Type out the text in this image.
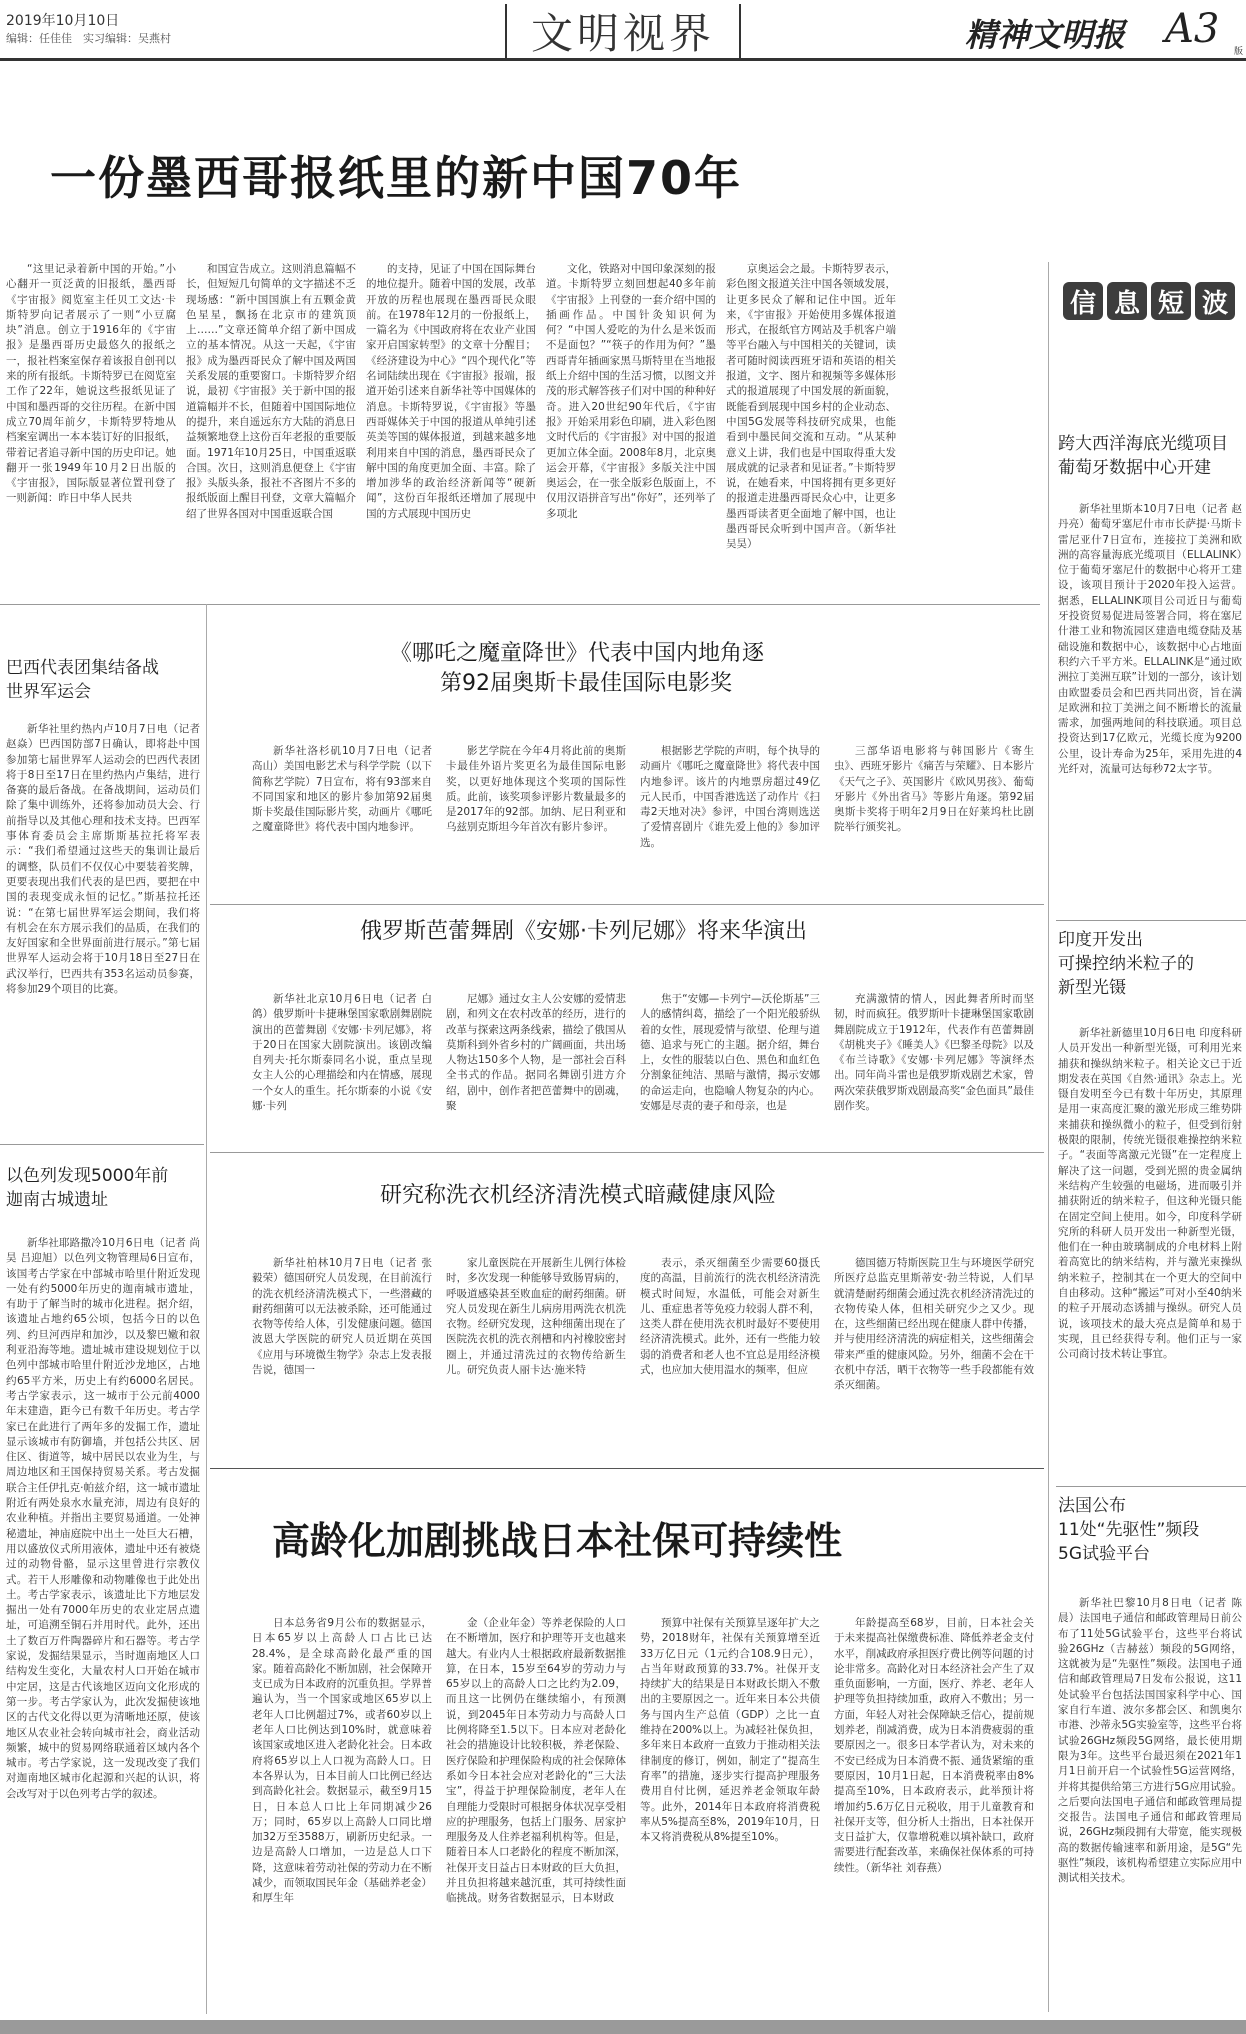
2019年10月10日
编辑：任佳佳　实习编辑：吴燕村	文明视界	精神文明报 A3 版
一份墨西哥报纸里的新中国70年

“这里记录着新中国的开始。”小心翻开一页泛黄的旧报纸，墨西哥《宇宙报》阅览室主任贝工文达·卡斯特罗向记者展示了一则“小豆腐块”消息。创立于1916年的《宇宙报》是墨西哥历史最悠久的报纸之一，报社档案室保存着该报自创刊以来的所有报纸。卡斯特罗已在阅览室工作了22年，她说这些报纸见证了中国和墨西哥的交往历程。在新中国成立70周年前夕，卡斯特罗特地从档案室调出一本本装订好的旧报纸，带着记者追寻新中国的历史印记。她翻开一张1949年10月2日出版的《宇宙报》，国际版显著位置刊登了一则新闻：昨日中华人民共

和国宣告成立。这则消息篇幅不长，但短短几句简单的文字描述不乏现场感：“新中国国旗上有五颗金黄色星星，飘扬在北京市的建筑顶上……”文章还简单介绍了新中国成立的基本情况。从这一天起，《宇宙报》成为墨西哥民众了解中国及两国关系发展的重要窗口。卡斯特罗介绍说，最初《宇宙报》关于新中国的报道篇幅并不长，但随着中国国际地位的提升，来自遥远东方大陆的消息日益频繁地登上这份百年老报的重要版面。1971年10月25日，中国重返联合国。次日，这则消息便登上《宇宙报》头版头条，报社不吝图片不多的报纸版面上醒目刊登，文章大篇幅介绍了世界各国对中国重返联合国

的支持，见证了中国在国际舞台的地位提升。随着中国的发展，改革开放的历程也展现在墨西哥民众眼前。在1978年12月的一份报纸上，一篇名为《中国政府将在农业产业国家开启国家转型》的文章十分醒目；《经济建设为中心》“四个现代化”等名词陆续出现在《宇宙报》报端，报道开始引述来自新华社等中国媒体的消息。卡斯特罗说，《宇宙报》等墨西哥媒体关于中国的报道从单纯引述英美等国的媒体报道，到越来越多地利用来自中国的消息，墨西哥民众了解中国的角度更加全面、丰富。除了增加涉华的政治经济新闻等“硬新闻”，这份百年报纸还增加了展现中国的方式展现中国历史

文化，铁路对中国印象深刻的报道。卡斯特罗立刻回想起40多年前《宇宙报》上刊登的一套介绍中国的插画作品。中国针灸知识何为何？“中国人爱吃的为什么是米饭而不是面包？”“筷子的作用为何？”墨西哥青年插画家黑马斯特里在当地报纸上介绍中国的生活习惯，以图文并茂的形式解答孩子们对中国的种种好奇。进入20世纪90年代后，《宇宙报》开始采用彩色印刷，进入彩色图文时代后的《宇宙报》对中国的报道更加立体全面。2008年8月，北京奥运会开幕，《宇宙报》多版关注中国奥运会，在一张全版彩色版面上，不仅用汉语拼音写出“你好”，还列举了多项北

京奥运会之最。卡斯特罗表示，彩色图文报道关注中国各领域发展，让更多民众了解和记住中国。近年来，《宇宙报》开始使用多媒体报道形式，在报纸官方网站及手机客户端等平台融入与中国相关的关键词，读者可随时阅读西班牙语和英语的相关报道，文字、图片和视频等多媒体形式的报道展现了中国发展的新面貌，既能看到展现中国乡村的企业动态、中国5G发展等科技研究成果，也能看到中墨民间交流和互动。“从某种意义上讲，我们也是中国取得重大发展成就的记录者和见证者。”卡斯特罗说，在她看来，中国将拥有更多更好的报道走进墨西哥民众心中，让更多墨西哥读者更全面地了解中国，也让墨西哥民众听到中国声音。（新华社 吴昊）

信 息 短 波
跨大西洋海底光缆项目
葡萄牙数据中心开建

新华社里斯本10月7日电（记者 赵丹亮）葡萄牙塞尼什市市长萨提·马斯卡雷尼亚什7日宣布，连接拉丁美洲和欧洲的高容量海底光缆项目（ELLALINK）位于葡萄牙塞尼什的数据中心将开工建设，该项目预计于2020年投入运营。据悉，ELLALINK项目公司近日与葡萄牙投资贸易促进局签署合同，将在塞尼什港工业和物流园区建造电缆登陆及基础设施和数据中心，该数据中心占地面积约六千平方米。ELLALINK是“通过欧洲拉丁美洲互联”计划的一部分，该计划由欧盟委员会和巴西共同出资，旨在满足欧洲和拉丁美洲之间不断增长的流量需求，加强两地间的科技联通。项目总投资达到17亿欧元，光缆长度为9200公里，设计寿命为25年，采用先进的4光纤对，流量可达每秒72太字节。

印度开发出
可操控纳米粒子的
新型光镊

新华社新德里10月6日电 印度科研人员开发出一种新型光镊，可利用光来捕获和操纵纳米粒子。相关论文已于近期发表在英国《自然·通讯》杂志上。光镊自发明至今已有数十年历史，其原理是用一束高度汇聚的激光形成三维势阱来捕获和操纵微小的粒子，但受到衍射极限的限制，传统光镊很难操控纳米粒子。“表面等离激元光镊”在一定程度上解决了这一问题，受到光照的贵金属纳米结构产生较强的电磁场，进而吸引并捕获附近的纳米粒子，但这种光镊只能在固定空间上使用。如今，印度科学研究所的科研人员开发出一种新型光镊，他们在一种由玻璃制成的介电材料上附着高宽比的纳米结构，并与激光束操纵纳米粒子，控制其在一个更大的空间中自由移动。这种“搬运”可对小至40纳米的粒子开展动态诱捕与操纵。研究人员说，该项技术的最大亮点是简单和易于实现，且已经获得专利。他们正与一家公司商讨技术转让事宜。

法国公布
11处“先驱性”频段
5G试验平台

新华社巴黎10月8日电（记者 陈晨）法国电子通信和邮政管理局日前公布了11处5G试验平台，这些平台将试验26GHz（吉赫兹）频段的5G网络，这就被为是“先驱性”频段。法国电子通信和邮政管理局7日发布公报说，这11处试验平台包括法国国家科学中心、国家自行车道、波尔多都会区、和凯奥尔市港、沙蒂永5G实验室等，这些平台将试验26GHz频段5G网络，最长使用期限为3年。这些平台最迟须在2021年1月1日前开启一个试验性5G运营网络，并将其提供给第三方进行5G应用试验。之后要向法国电子通信和邮政管理局提交报告。法国电子通信和邮政管理局说，26GHz频段拥有大带宽，能实现极高的数据传输速率和新用途，是5G“先驱性”频段，该机构希望建立实际应用中测试相关技术。

巴西代表团集结备战
世界军运会

新华社里约热内卢10月7日电（记者 赵焱）巴西国防部7日确认，即将赴中国参加第七届世界军人运动会的巴西代表团将于8日至17日在里约热内卢集结，进行备赛的最后备战。在备战期间，运动员们除了集中训练外，还将参加动员大会、行前指导以及其他心理和技术支持。巴西军事体育委员会主席斯斯基拉托将军表示：“我们希望通过这些天的集训让最后的调整，队员们不仅仅心中要装着奖牌，更要表现出我们代表的是巴西，要把在中国的表现变成永恒的记忆。”斯基拉托还说：“在第七届世界军运会期间，我们将有机会在东方展示我们的品质，在我们的友好国家和全世界面前进行展示。”第七届世界军人运动会将于10月18日至27日在武汉举行，巴西共有353名运动员参赛，将参加29个项目的比赛。

以色列发现5000年前
迦南古城遗址

新华社耶路撒冷10月6日电（记者 尚昊 吕迎旭）以色列文物管理局6日宣布，该国考古学家在中部城市哈里什附近发现一处有约5000年历史的迦南城市遗址，有助于了解当时的城市化进程。据介绍，该遗址占地约65公顷，包括今日的以色列、约旦河西岸和加沙，以及黎巴嫩和叙利亚沿海等地。遗址城市建设规划位于以色列中部城市哈里什附近沙龙地区，占地约65平方米，历史上有约6000名居民。考古学家表示，这一城市于公元前4000年末建造，距今已有数千年历史。考古学家已在此进行了两年多的发掘工作，遗址显示该城市有防御墙，并包括公共区、居住区、街道等，城中居民以农业为生，与周边地区和王国保持贸易关系。考古发掘联合主任伊扎克·帕兹介绍，这一城市遗址附近有两处泉水水量充沛，周边有良好的农业种植。并指出主要贸易通道。一处神秘遗址，神庙庭院中出土一处巨大石槽，用以盛放仪式所用液体，遗址中还有被烧过的动物骨骼，显示这里曾进行宗教仪式。若干人形雕像和动物雕像也于此处出土。考古学家表示，该遗址比下方地层发掘出一处有7000年历史的农业定居点遗址，可追溯至铜石并用时代。此外，还出土了数百万件陶器碎片和石器等。考古学家说，发掘结果显示，当时迦南地区人口结构发生变化，大量农村人口开始在城市中定居，这是古代该地区迈向文化形成的第一步。考古学家认为，此次发掘使该地区的古代文化得以更为清晰地还原，使该地区从农业社会转向城市社会，商业活动频繁，城中的贸易网络联通着区域内各个城市。考古学家说，这一发现改变了我们对迦南地区城市化起源和兴起的认识，将会改写对于以色列考古学的叙述。

《哪吒之魔童降世》代表中国内地角逐
第92届奥斯卡最佳国际电影奖

新华社洛杉矶10月7日电（记者 高山）美国电影艺术与科学学院（以下简称艺学院）7日宣布，将有93部来自不同国家和地区的影片参加第92届奥斯卡奖最佳国际影片奖，动画片《哪吒之魔童降世》将代表中国内地参评。

影艺学院在今年4月将此前的奥斯卡最佳外语片奖更名为最佳国际电影奖，以更好地体现这个奖项的国际性质。此前，该奖项参评影片数量最多的是2017年的92部。加纳、尼日利亚和乌兹别克斯坦今年首次有影片参评。

根据影艺学院的声明，每个执导的动画片《哪吒之魔童降世》将代表中国内地参评。该片的内地票房超过49亿元人民币，中国香港选送了动作片《扫毒2天地对决》参评，中国台湾则选送了爱情喜剧片《谁先爱上他的》参加评选。

三部华语电影将与韩国影片《寄生虫》、西班牙影片《痛苦与荣耀》、日本影片《天气之子》、英国影片《欧风男孩》、葡萄牙影片《外出省马》等影片角逐。第92届奥斯卡奖将于明年2月9日在好莱坞杜比剧院举行颁奖礼。

俄罗斯芭蕾舞剧《安娜·卡列尼娜》将来华演出

新华社北京10月6日电（记者 白鸽）俄罗斯叶卡捷琳堡国家歌剧舞剧院演出的芭蕾舞剧《安娜·卡列尼娜》，将于20日在国家大剧院演出。该剧改编自列夫·托尔斯泰同名小说，重点呈现女主人公的心理描绘和内在情感，展现一个女人的重生。托尔斯泰的小说《安娜·卡列

尼娜》通过女主人公安娜的爱情悲剧，和列文在农村改革的经历，进行的改革与探索这两条线索，描绘了俄国从莫斯科到外省乡村的广阔画面，共出场人物达150多个人物，是一部社会百科全书式的作品。据同名舞剧引进方介绍，剧中，创作者把芭蕾舞中的剧魂，聚

焦于“安娜—卡列宁—沃伦斯基”三人的感情纠葛，描绘了一个阳光般骄纵着的女性，展现爱情与欲望、伦理与道德、追求与死亡的主题。据介绍，舞台上，女性的服装以白色、黑色和血红色分割象征纯洁、黑暗与激情，揭示安娜的命运走向，也隐喻人物复杂的内心。安娜是尽责的妻子和母亲，也是

充满激情的情人，因此舞者所时而坚韧，时而疯狂。俄罗斯叶卡捷琳堡国家歌剧舞剧院成立于1912年，代表作有芭蕾舞剧《胡桃夹子》《睡美人》《巴黎圣母院》以及《布兰诗歌》《安娜·卡列尼娜》等演绎杰出。同年尚斗雷也是俄罗斯戏剧艺术家，曾两次荣获俄罗斯戏剧最高奖“金色面具”最佳剧作奖。

研究称洗衣机经济清洗模式暗藏健康风险

新华社柏林10月7日电（记者 张毅荣）德国研究人员发现，在目前流行的洗衣机经济清洗模式下，一些潜藏的耐药细菌可以无法被杀除，还可能通过衣物等传给人体，引发健康问题。德国波恩大学医院的研究人员近期在英国《应用与环境微生物学》杂志上发表报告说，德国一

家儿童医院在开展新生儿例行体检时，多次发现一种能够导致肠胃病的，呼吸道感染甚至败血症的耐药细菌。研究人员发现在新生儿病房用两洗衣机洗衣物。经研究发现，这种细菌出现在了医院洗衣机的洗衣剂槽和内衬橡胶密封圈上，并通过清洗过的衣物传给新生儿。研究负责人丽卡达·施米特

表示，杀灭细菌至少需要60摄氏度的高温，目前流行的洗衣机经济清洗模式时间短，水温低，可能会对新生儿、重症患者等免疫力较弱人群不利，这类人群在使用洗衣机时最好不要使用经济清洗模式。此外，还有一些能力较弱的消费者和老人也不宜总是用经济模式，也应加大使用温水的频率，但应

德国德万特斯医院卫生与环境医学研究所医疗总监克里斯蒂安·勃兰特说，人们早就清楚耐药细菌会通过洗衣机经济清洗过的衣物传染人体，但相关研究少之又少。现在，这些细菌已经出现在健康人群中传播，并与使用经济清洗的病症相关，这些细菌会带来严重的健康风险。另外，细菌不会在干衣机中存活，晒干衣物等一些手段都能有效杀灭细菌。

高龄化加剧挑战日本社保可持续性

日本总务省9月公布的数据显示，日本65岁以上高龄人口占比已达28.4%，是全球高龄化最严重的国家。随着高龄化不断加剧，社会保障开支已成为日本政府的沉重负担。学界普遍认为，当一个国家或地区65岁以上老年人口比例超过7%，或者60岁以上老年人口比例达到10%时，就意味着该国家或地区进入老龄化社会。日本政府将65岁以上人口视为高龄人口。日本各界认为，日本目前人口比例已经达到高龄化社会。数据显示，截至9月15日，日本总人口比上年同期减少26万；同时，65岁以上高龄人口同比增加32万至3588万，刷新历史纪录。一边是高龄人口增加，一边是总人口下降，这意味着劳动社保的劳动力在不断减少，而领取国民年金（基础养老金）和厚生年

金（企业年金）等养老保险的人口在不断增加，医疗和护理等开支也越来越大。有业内人士根据政府最新数据推算，在日本，15岁至64岁的劳动力与65岁以上的高龄人口之比约为2.09，而且这一比例仍在继续缩小，有预测说，到2045年日本劳动力与高龄人口比例将降至1.5以下。日本应对老龄化社会的措施设计比较积极，养老保险、医疗保险和护理保险构成的社会保障体系如今日本社会应对老龄化的“三大法宝”，得益于护理保险制度，老年人在自理能力受限时可根据身体状况享受相应的护理服务，包括上门服务、居家护理服务及人住养老福利机构等。但是，随着日本人口老龄化的程度不断加深，社保开支日益占日本财政的巨大负担，并且负担将越来越沉重，其可持续性面临挑战。财务省数据显示，日本财政

预算中社保有关预算呈逐年扩大之势，2018财年，社保有关预算增至近33万亿日元（1元约合108.9日元），占当年财政预算的33.7%。社保开支持续扩大的结果是日本财政长期入不敷出的主要原因之一。近年来日本公共债务与国内生产总值（GDP）之比一直维持在200%以上。为减轻社保负担，多年来日本政府一直致力于推动相关法律制度的修订，例如，制定了“提高生育率”的措施，逐步实行提高护理服务费用自付比例，延迟养老金领取年龄等。此外，2014年日本政府将消费税率从5%提高至8%，2019年10月，日本又将消费税从8%提至10%。

年龄提高至68岁，目前，日本社会关于未来提高社保缴费标准、降低养老金支付水平，削减政府承担医疗费比例等问题的讨论非常多。高龄化对日本经济社会产生了双重负面影响，一方面，医疗、养老、老年人护理等负担持续加重，政府入不敷出；另一方面，年轻人对社会保障缺乏信心，提前规划养老，削减消费，成为日本消费疲弱的重要原因之一。很多日本学者认为，对未来的不安已经成为日本消费不振、通货紧缩的重要原因，10月1日起，日本消费税率由8%提高至10%，日本政府表示，此举预计将增加约5.6万亿日元税收，用于儿童教育和社保开支等，但分析人士指出，日本社保开支日益扩大，仅靠增税难以填补缺口，政府需要进行配套改革，来确保社保体系的可持续性。（新华社 刘春燕）
